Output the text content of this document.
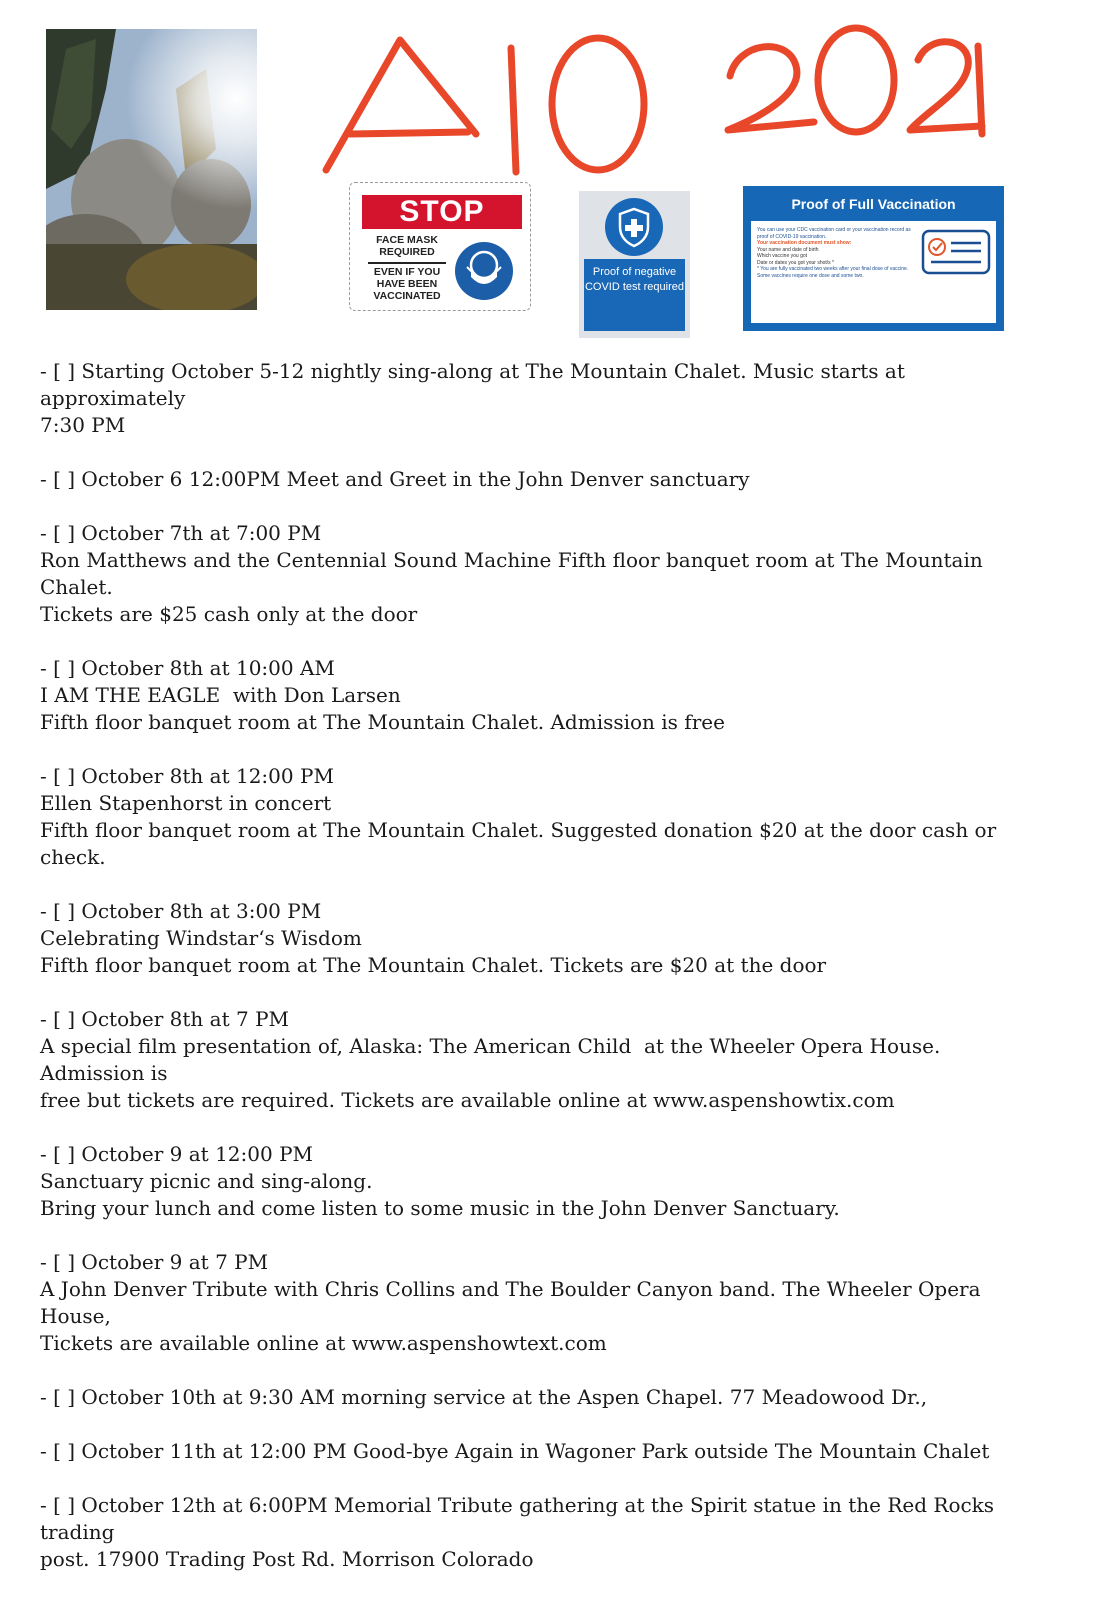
STOP
FACE MASK REQUIRED
EVEN IF YOU HAVE BEEN VACCINATED
Proof of negative COVID test required
Proof of Full Vaccination
You can use your CDC vaccination card or your vaccination record as proof of COVID-19 vaccination.
Your vaccination document must show:
Your name and date of birth
Which vaccine you got
Date or dates you got your shot/s *
* You are fully vaccinated two weeks after your final dose of vaccine. Some vaccines require one dose and some two.
- [ ] Starting October 5-12 nightly sing-along at The Mountain Chalet. Music starts at approximately
7:30 PM
- [ ] October 6 12:00PM Meet and Greet in the John Denver sanctuary
- [ ] October 7th at 7:00 PM
Ron Matthews and the Centennial Sound Machine Fifth floor banquet room at The Mountain Chalet.
Tickets are $25 cash only at the door
- [ ] October 8th at 10:00 AM
I AM THE EAGLE  with Don Larsen
Fifth floor banquet room at The Mountain Chalet. Admission is free
- [ ] October 8th at 12:00 PM
Ellen Stapenhorst in concert
Fifth floor banquet room at The Mountain Chalet. Suggested donation $20 at the door cash or check.
- [ ] October 8th at 3:00 PM
Celebrating Windstar‘s Wisdom
Fifth floor banquet room at The Mountain Chalet. Tickets are $20 at the door
- [ ] October 8th at 7 PM
A special film presentation of, Alaska: The American Child  at the Wheeler Opera House. Admission is
free but tickets are required. Tickets are available online at www.aspenshowtix.com
- [ ] October 9 at 12:00 PM
Sanctuary picnic and sing-along.
Bring your lunch and come listen to some music in the John Denver Sanctuary.
- [ ] October 9 at 7 PM
A John Denver Tribute with Chris Collins and The Boulder Canyon band. The Wheeler Opera House,
Tickets are available online at www.aspenshowtext.com
- [ ] October 10th at 9:30 AM morning service at the Aspen Chapel. 77 Meadowood Dr.,
- [ ] October 11th at 12:00 PM Good-bye Again in Wagoner Park outside The Mountain Chalet
- [ ] October 12th at 6:00PM Memorial Tribute gathering at the Spirit statue in the Red Rocks trading
post. 17900 Trading Post Rd. Morrison Colorado
